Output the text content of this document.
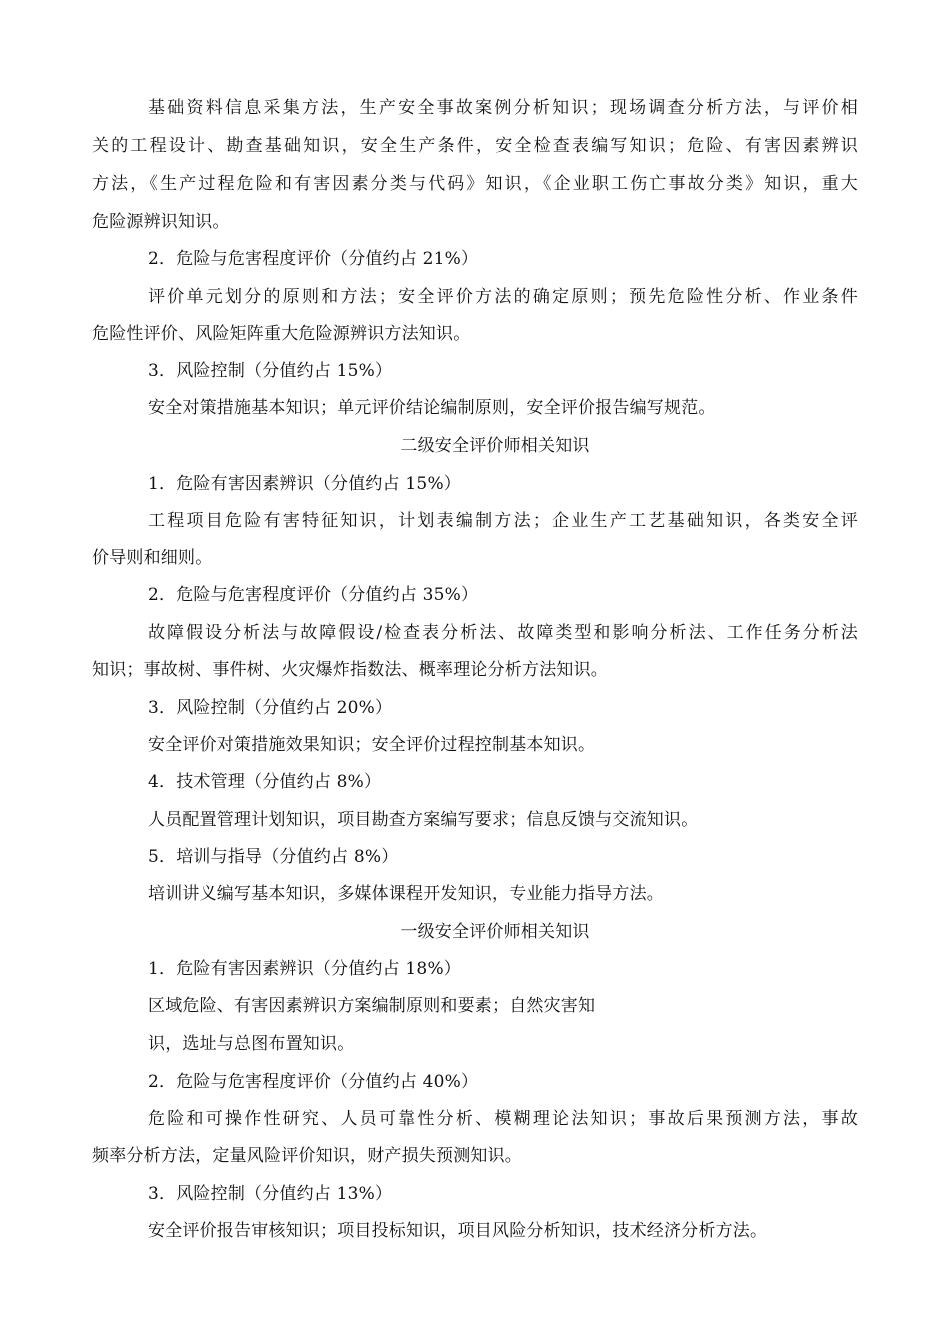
基础资料信息采集方法，生产安全事故案例分析知识；现场调查分析方法，与评价相

关的工程设计、勘查基础知识，安全生产条件，安全检查表编写知识；危险、有害因素辨识

方法，《生产过程危险和有害因素分类与代码》知识，《企业职工伤亡事故分类》知识，重大

危险源辨识知识。

2．危险与危害程度评价（分值约占 21%）

评价单元划分的原则和方法；安全评价方法的确定原则；预先危险性分析、作业条件

危险性评价、风险矩阵重大危险源辨识方法知识。

3．风险控制（分值约占 15%）

安全对策措施基本知识；单元评价结论编制原则，安全评价报告编写规范。

二级安全评价师相关知识

1．危险有害因素辨识（分值约占 15%）

工程项目危险有害特征知识，计划表编制方法；企业生产工艺基础知识，各类安全评

价导则和细则。

2．危险与危害程度评价（分值约占 35%）

故障假设分析法与故障假设/检查表分析法、故障类型和影响分析法、工作任务分析法

知识；事故树、事件树、火灾爆炸指数法、概率理论分析方法知识。

3．风险控制（分值约占 20%）

安全评价对策措施效果知识；安全评价过程控制基本知识。

4．技术管理（分值约占 8%）

人员配置管理计划知识，项目勘查方案编写要求；信息反馈与交流知识。

5．培训与指导（分值约占 8%）

培训讲义编写基本知识，多媒体课程开发知识，专业能力指导方法。

一级安全评价师相关知识

1．危险有害因素辨识（分值约占 18%）

区域危险、有害因素辨识方案编制原则和要素；自然灾害知

识，选址与总图布置知识。

2．危险与危害程度评价（分值约占 40%）

危险和可操作性研究、人员可靠性分析、模糊理论法知识；事故后果预测方法，事故

频率分析方法，定量风险评价知识，财产损失预测知识。

3．风险控制（分值约占 13%）

安全评价报告审核知识；项目投标知识，项目风险分析知识，技术经济分析方法。
